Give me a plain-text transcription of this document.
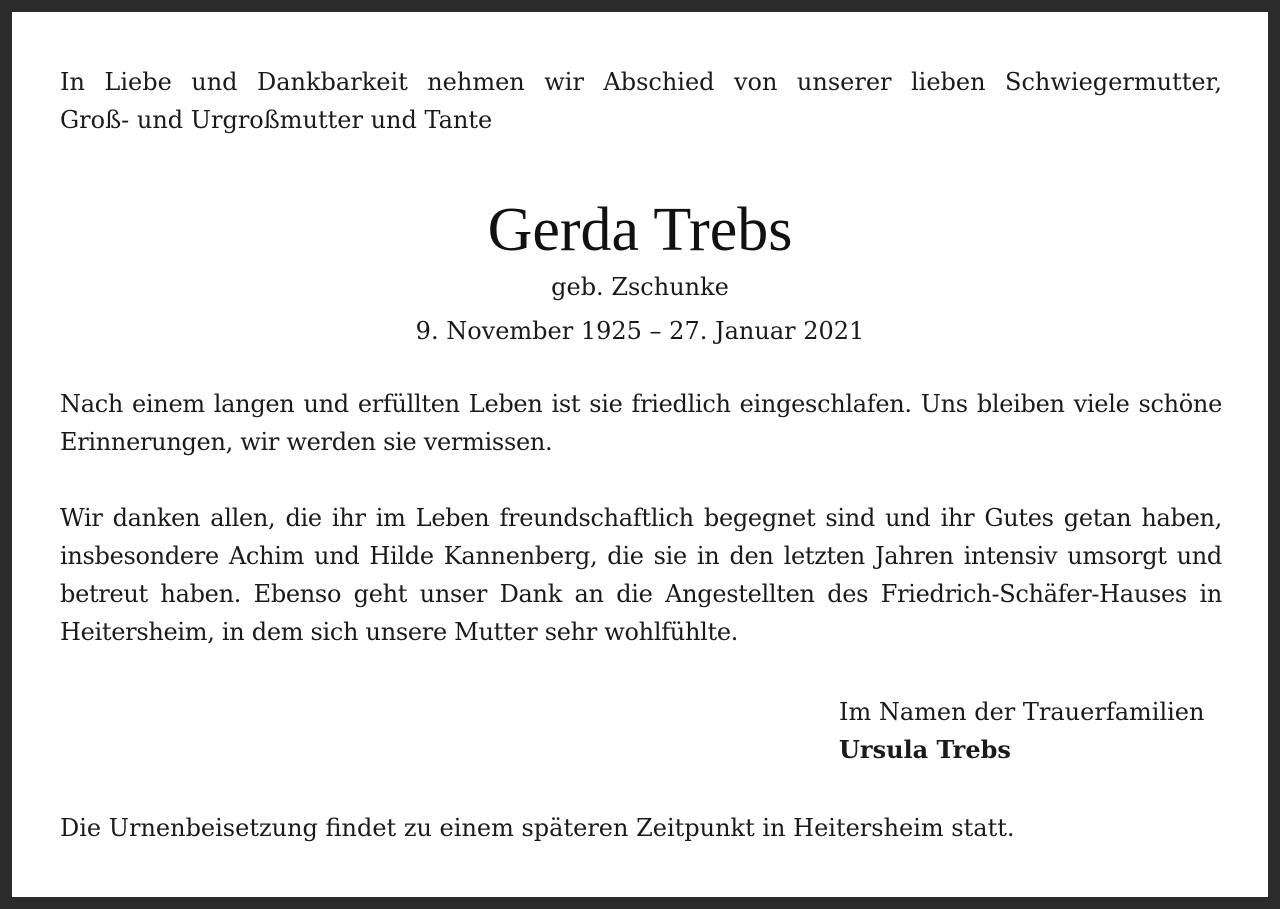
In Liebe und Dankbarkeit nehmen wir Abschied von unserer lieben Schwiegermutter,
Groß- und Urgroßmutter und Tante

Gerda Trebs

geb. Zschunke

9. November 1925 – 27. Januar 2021

Nach einem langen und erfüllten Leben ist sie friedlich eingeschlafen. Uns bleiben viele schöne
Erinnerungen, wir werden sie vermissen.

Wir danken allen, die ihr im Leben freundschaftlich begegnet sind und ihr Gutes getan haben,
insbesondere Achim und Hilde Kannenberg, die sie in den letzten Jahren intensiv umsorgt und
betreut haben. Ebenso geht unser Dank an die Angestellten des Friedrich-Schäfer-Hauses in
Heitersheim, in dem sich unsere Mutter sehr wohlfühlte.

Im Namen der Trauerfamilien
Ursula Trebs

Die Urnenbeisetzung findet zu einem späteren Zeitpunkt in Heitersheim statt.
